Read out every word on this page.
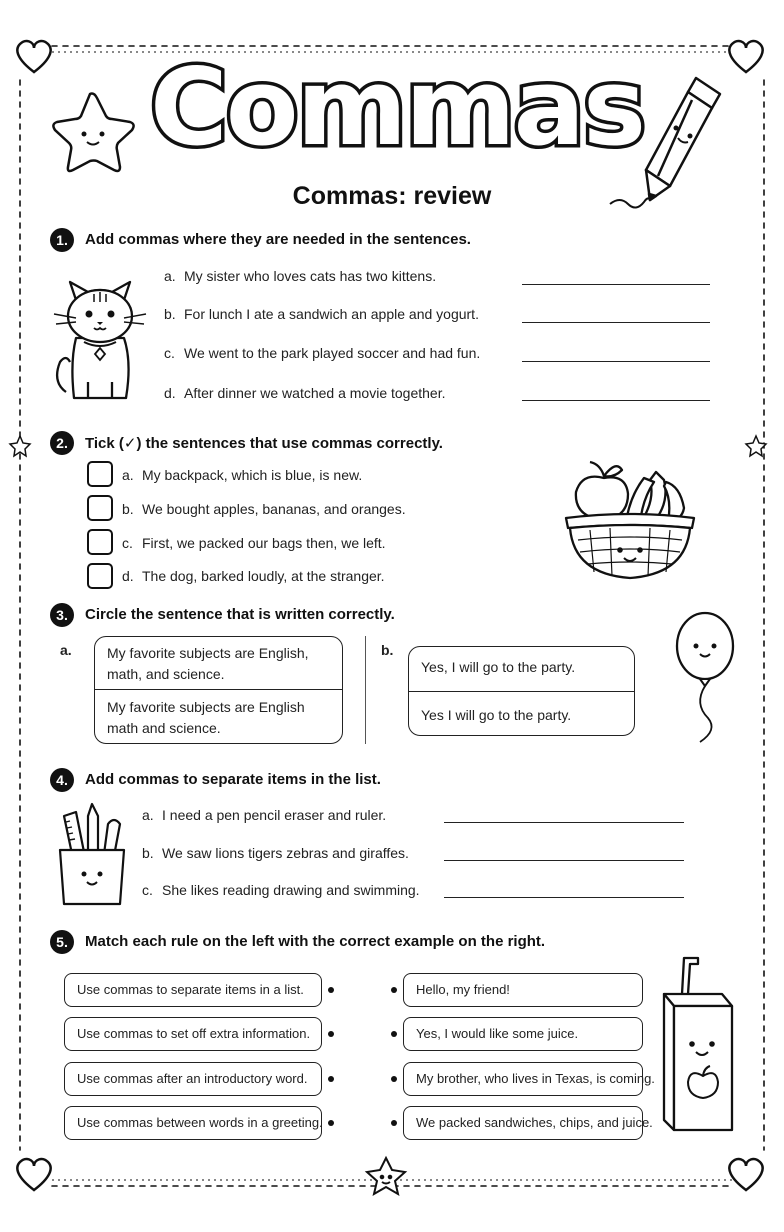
Commas
Commas: review
1 .	Add commas where they are needed in the sentences.
a. My sister who loves cats has two kittens.
b. For lunch I ate a sandwich an apple and yogurt.
c. We went to the park played soccer and had fun.
d. After dinner we watched a movie together.
2 .	Tick (✓) the sentences that use commas correctly.
a. My backpack, which is blue, is new.
b. We bought apples, bananas, and oranges.
c. First, we packed our bags then, we left.
d. The dog, barked loudly, at the stranger.
3 .	Circle the sentence that is written correctly.
a.	My favorite subjects are English, math, and science.
My favorite subjects are English math and science.
b.
Yes, I will go to the party.
Yes I will go to the party.
4 .	Add commas to separate items in the list.
a. I need a pen pencil eraser and ruler.
b. We saw lions tigers zebras and giraffes.
c. She likes reading drawing and swimming.
5 .	Match each rule on the left with the correct example on the right.
Use commas to separate items in a list.
Use commas to set off extra information.
Use commas after an introductory word.
Use commas between words in a greeting.
Hello, my friend!
Yes, I would like some juice.
My brother, who lives in Texas, is coming.
We packed sandwiches, chips, and juice.
